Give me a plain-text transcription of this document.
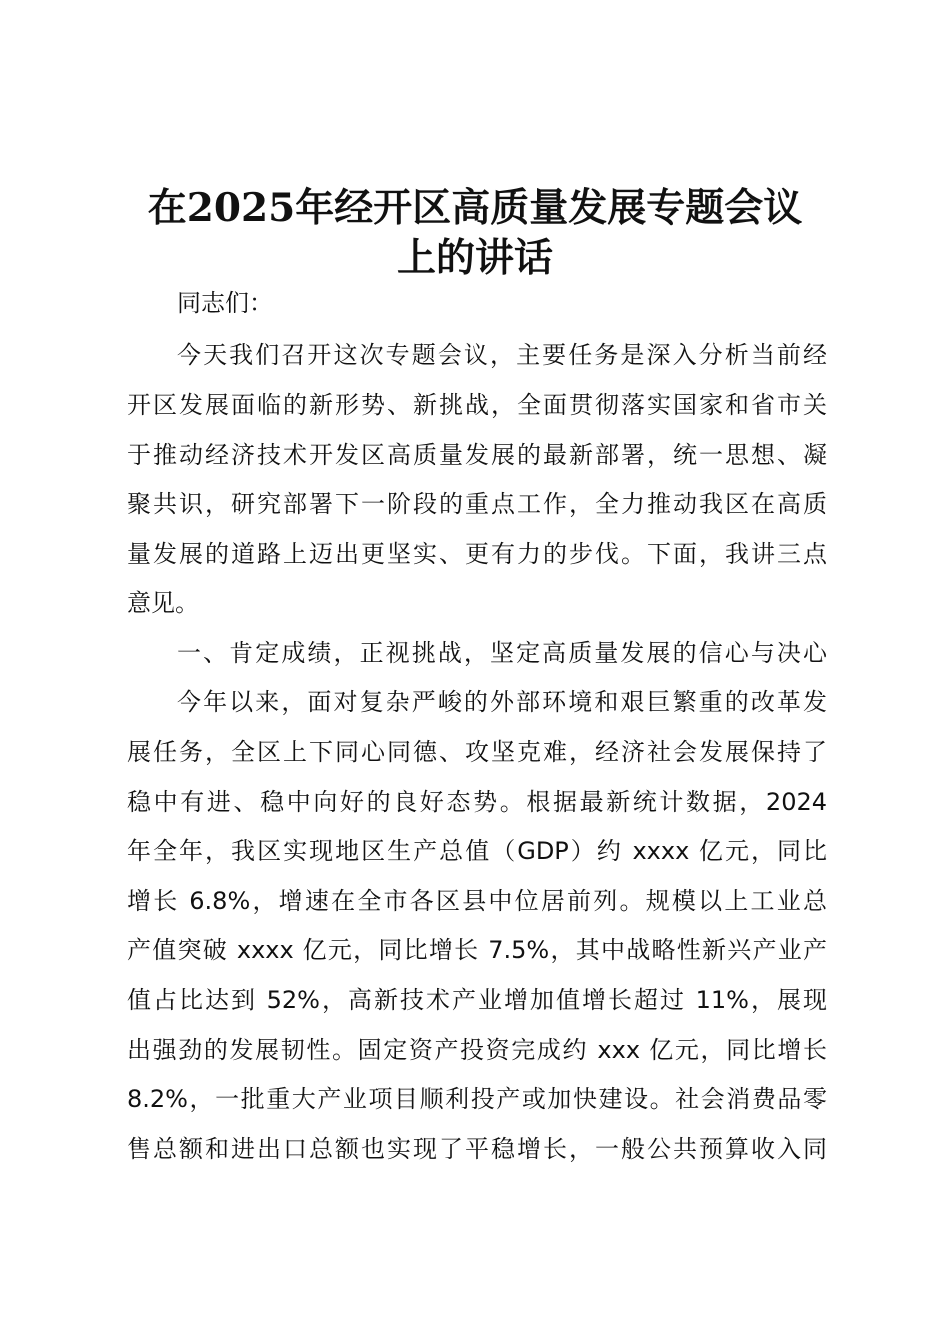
在2025年经开区高质量发展专题会议
上的讲话
同志们：
今天我们召开这次专题会议，主要任务是深入分析当前经
开区发展面临的新形势、新挑战，全面贯彻落实国家和省市关
于推动经济技术开发区高质量发展的最新部署，统一思想、凝
聚共识，研究部署下一阶段的重点工作，全力推动我区在高质
量发展的道路上迈出更坚实、更有力的步伐。下面，我讲三点
意见。
一、肯定成绩，正视挑战，坚定高质量发展的信心与决心
今年以来，面对复杂严峻的外部环境和艰巨繁重的改革发
展任务，全区上下同心同德、攻坚克难，经济社会发展保持了
稳中有进、稳中向好的良好态势。根据最新统计数据，2024
年全年，我区实现地区生产总值（GDP）约 xxxx 亿元，同比
增长 6.8%，增速在全市各区县中位居前列。规模以上工业总
产值突破 xxxx 亿元，同比增长 7.5%，其中战略性新兴产业产
值占比达到 52%，高新技术产业增加值增长超过 11%，展现
出强劲的发展韧性。固定资产投资完成约 xxx 亿元，同比增长
8.2%，一批重大产业项目顺利投产或加快建设。社会消费品零
售总额和进出口总额也实现了平稳增长，一般公共预算收入同
